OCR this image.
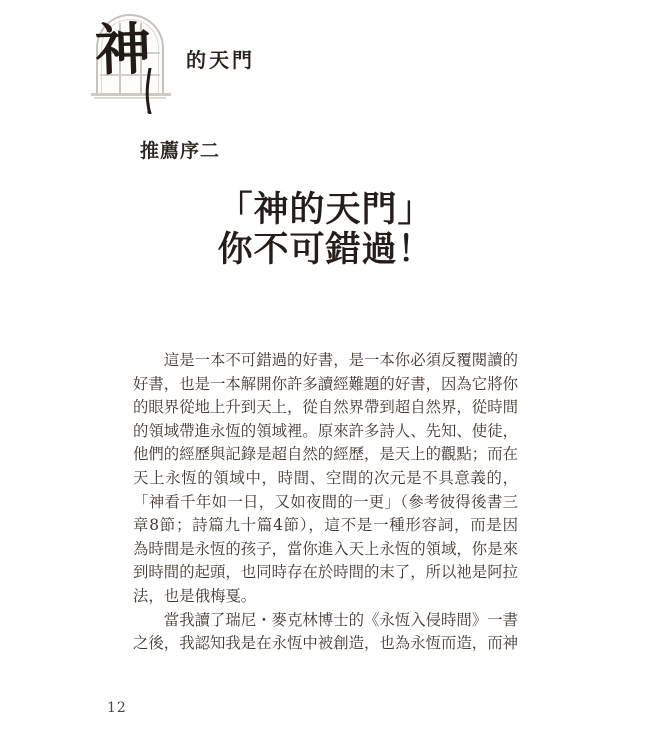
神 的天門
推薦序二
「神的天門」
你不可錯過！
這是一本不可錯過的好書，是一本你必須反覆閱讀的
好書，也是一本解開你許多讀經難題的好書，因為它將你
的眼界從地上升到天上，從自然界帶到超自然界，從時間
的領域帶進永恆的領域裡。原來許多詩人、先知、使徒，
他們的經歷與記錄是超自然的經歷，是天上的觀點；而在
天上永恆的領域中，時間、空間的次元是不具意義的，
「神看千年如一日，又如夜間的一更」（參考彼得後書三
章8節；詩篇九十篇4節），這不是一種形容詞，而是因
為時間是永恆的孩子，當你進入天上永恆的領域，你是來
到時間的起頭，也同時存在於時間的末了，所以祂是阿拉
法，也是俄梅戛。
當我讀了瑞尼・麥克林博士的《永恆入侵時間》一書
之後，我認知我是在永恆中被創造，也為永恆而造，而神
12
